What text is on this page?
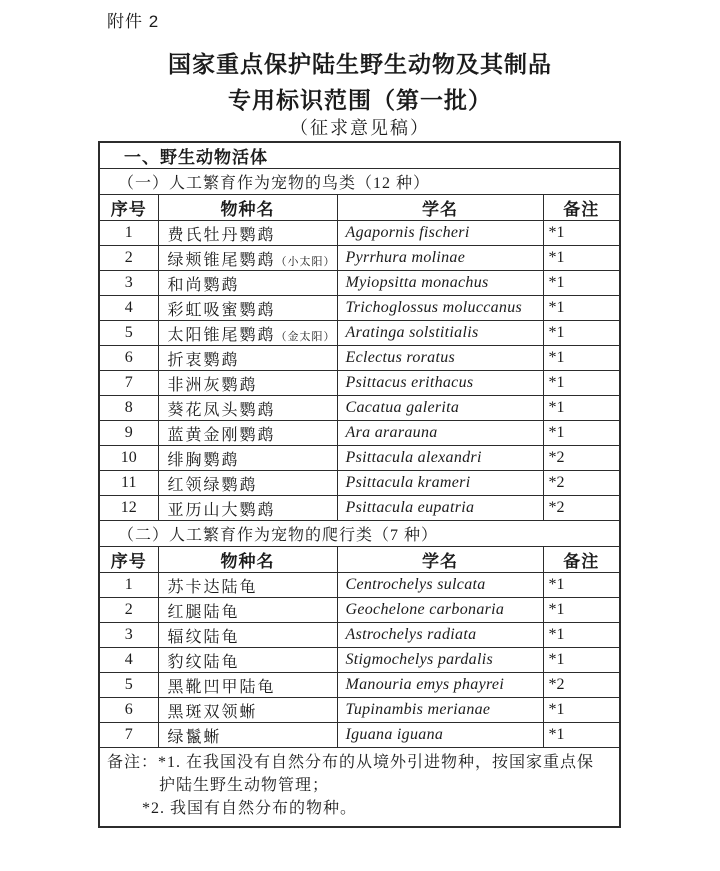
附件 2
国家重点保护陆生野生动物及其制品
专用标识范围（第一批）
（征求意见稿）
一、野生动物活体			
（一）人工繁育作为宠物的鸟类（12 种）			
序号	物种名	学名	备注
1	费氏牡丹鹦鹉	Agapornis fischeri	*1
2	绿颊锥尾鹦鹉（小太阳）	Pyrrhura molinae	*1
3	和尚鹦鹉	Myiopsitta monachus	*1
4	彩虹吸蜜鹦鹉	Trichoglossus moluccanus	*1
5	太阳锥尾鹦鹉（金太阳）	Aratinga solstitialis	*1
6	折衷鹦鹉	Eclectus roratus	*1
7	非洲灰鹦鹉	Psittacus erithacus	*1
8	葵花凤头鹦鹉	Cacatua galerita	*1
9	蓝黄金刚鹦鹉	Ara ararauna	*1
10	绯胸鹦鹉	Psittacula alexandri	*2
11	红领绿鹦鹉	Psittacula krameri	*2
12	亚历山大鹦鹉	Psittacula eupatria	*2
（二）人工繁育作为宠物的爬行类（7 种）			
序号	物种名	学名	备注
1	苏卡达陆龟	Centrochelys sulcata	*1
2	红腿陆龟	Geochelone carbonaria	*1
3	辐纹陆龟	Astrochelys radiata	*1
4	豹纹陆龟	Stigmochelys pardalis	*1
5	黑靴凹甲陆龟	Manouria emys phayrei	*2
6	黑斑双领蜥	Tupinambis merianae	*1
7	绿鬣蜥	Iguana iguana	*1

备注：*1. 在我国没有自然分布的从境外引进物种，按国家重点保
护陆生野生动物管理；
*2. 我国有自然分布的物种。			
